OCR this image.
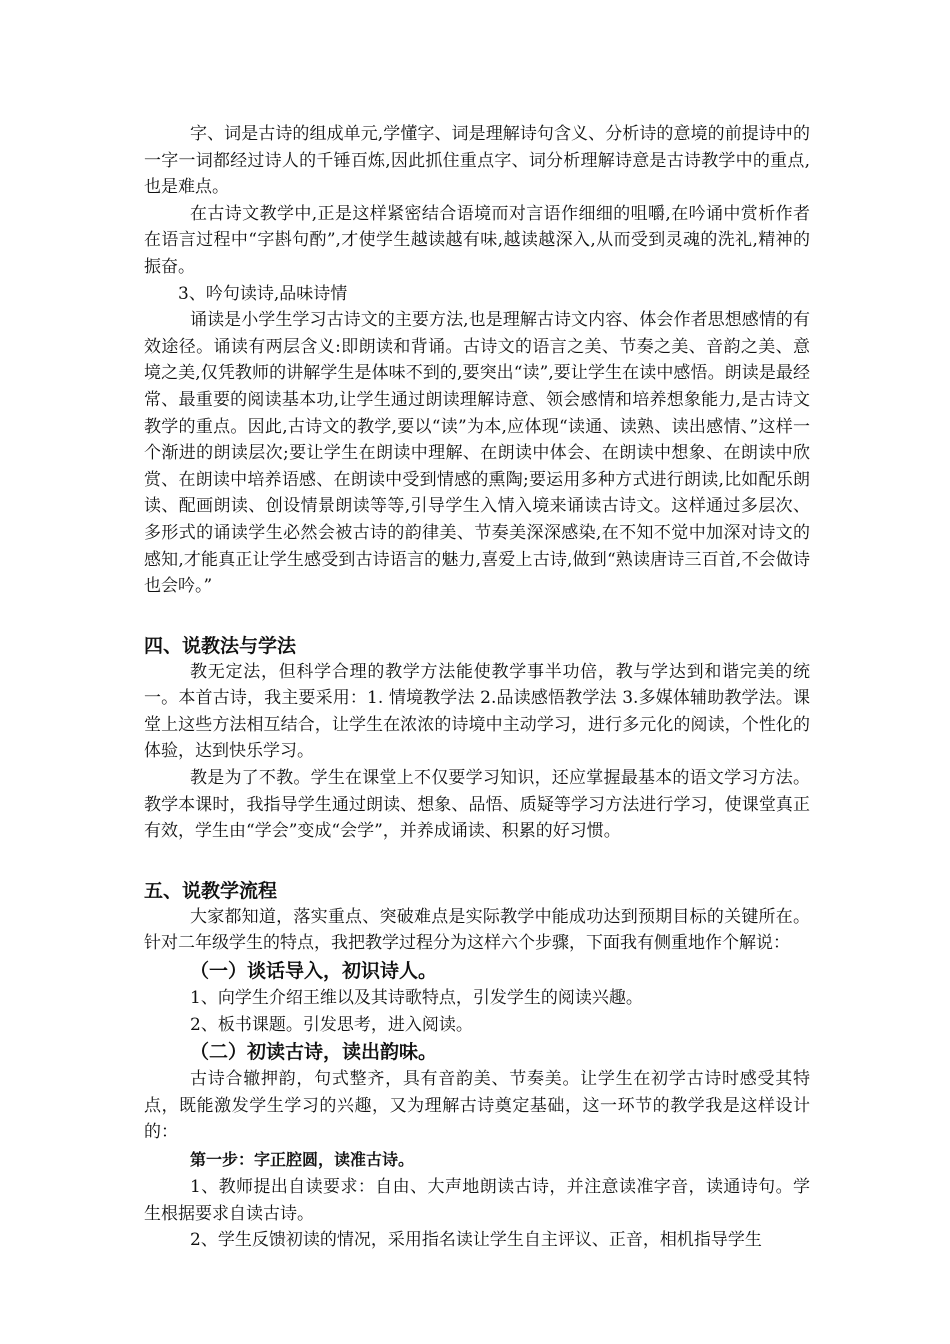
字、词是古诗的组成单元,学懂字、词是理解诗句含义、分析诗的意境的前提诗中的一字一词都经过诗人的千锤百炼,因此抓住重点字、词分析理解诗意是古诗教学中的重点,也是难点。

在古诗文教学中,正是这样紧密结合语境而对言语作细细的咀嚼,在吟诵中赏析作者在语言过程中“字斟句酌”,才使学生越读越有味,越读越深入,从而受到灵魂的洗礼,精神的振奋。

3、吟句读诗,品味诗情

诵读是小学生学习古诗文的主要方法,也是理解古诗文内容、体会作者思想感情的有效途径。诵读有两层含义:即朗读和背诵。古诗文的语言之美、节奏之美、音韵之美、意境之美,仅凭教师的讲解学生是体味不到的,要突出“读”,要让学生在读中感悟。朗读是最经常、最重要的阅读基本功,让学生通过朗读理解诗意、领会感情和培养想象能力,是古诗文教学的重点。因此,古诗文的教学,要以“读”为本,应体现“读通、读熟、读出感情、”这样一个渐进的朗读层次;要让学生在朗读中理解、在朗读中体会、在朗读中想象、在朗读中欣赏、在朗读中培养语感、在朗读中受到情感的熏陶;要运用多种方式进行朗读,比如配乐朗读、配画朗读、创设情景朗读等等,引导学生入情入境来诵读古诗文。这样通过多层次、多形式的诵读学生必然会被古诗的韵律美、节奏美深深感染,在不知不觉中加深对诗文的感知,才能真正让学生感受到古诗语言的魅力,喜爱上古诗,做到“熟读唐诗三百首,不会做诗也会吟。”

四、说教法与学法

教无定法，但科学合理的教学方法能使教学事半功倍，教与学达到和谐完美的统一。本首古诗，我主要采用：1. 情境教学法 2.品读感悟教学法 3.多媒体辅助教学法。课堂上这些方法相互结合，让学生在浓浓的诗境中主动学习，进行多元化的阅读，个性化的体验，达到快乐学习。

教是为了不教。学生在课堂上不仅要学习知识，还应掌握最基本的语文学习方法。教学本课时，我指导学生通过朗读、想象、品悟、质疑等学习方法进行学习，使课堂真正有效，学生由“学会”变成“会学”，并养成诵读、积累的好习惯。

五、说教学流程

大家都知道，落实重点、突破难点是实际教学中能成功达到预期目标的关键所在。针对二年级学生的特点，我把教学过程分为这样六个步骤，下面我有侧重地作个解说：

（一）谈话导入，初识诗人。

1、向学生介绍王维以及其诗歌特点，引发学生的阅读兴趣。

2、板书课题。引发思考，进入阅读。

（二）初读古诗，读出韵味。

古诗合辙押韵，句式整齐，具有音韵美、节奏美。让学生在初学古诗时感受其特点，既能激发学生学习的兴趣，又为理解古诗奠定基础，这一环节的教学我是这样设计的：

第一步：字正腔圆，读准古诗。

1、教师提出自读要求：自由、大声地朗读古诗，并注意读准字音，读通诗句。学生根据要求自读古诗。

2、学生反馈初读的情况，采用指名读让学生自主评议、正音，相机指导学生
